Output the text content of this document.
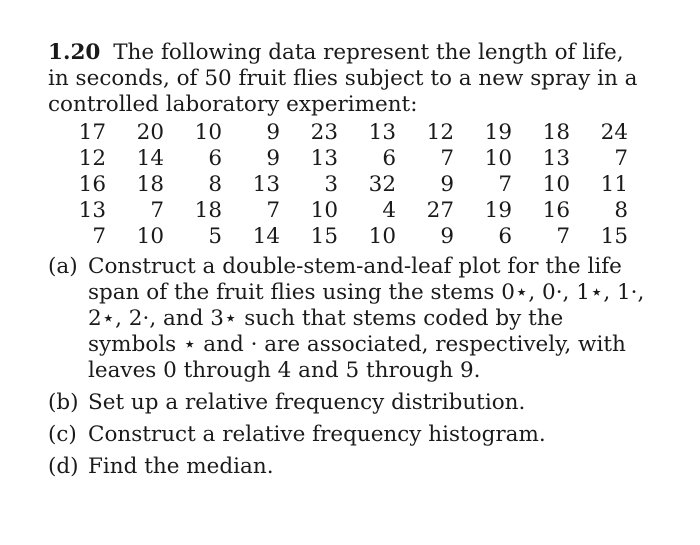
1.20 The following data represent the length of life, in seconds, of 50 fruit flies subject to a new spray in a controlled laboratory experiment:

17	20	10	9	23	13	12	19	18	24
12	14	6	9	13	6	7	10	13	7
16	18	8	13	3	32	9	7	10	11
13	7	18	7	10	4	27	19	16	8
7	10	5	14	15	10	9	6	7	15
(a) Construct a double-stem-and-leaf plot for the life span of the fruit flies using the stems 0⋆, 0·, 1⋆, 1·, 2⋆, 2·, and 3⋆ such that stems coded by the symbols ⋆ and · are associated, respectively, with leaves 0 through 4 and 5 through 9.
(b) Set up a relative frequency distribution.
(c) Construct a relative frequency histogram.
(d) Find the median.
